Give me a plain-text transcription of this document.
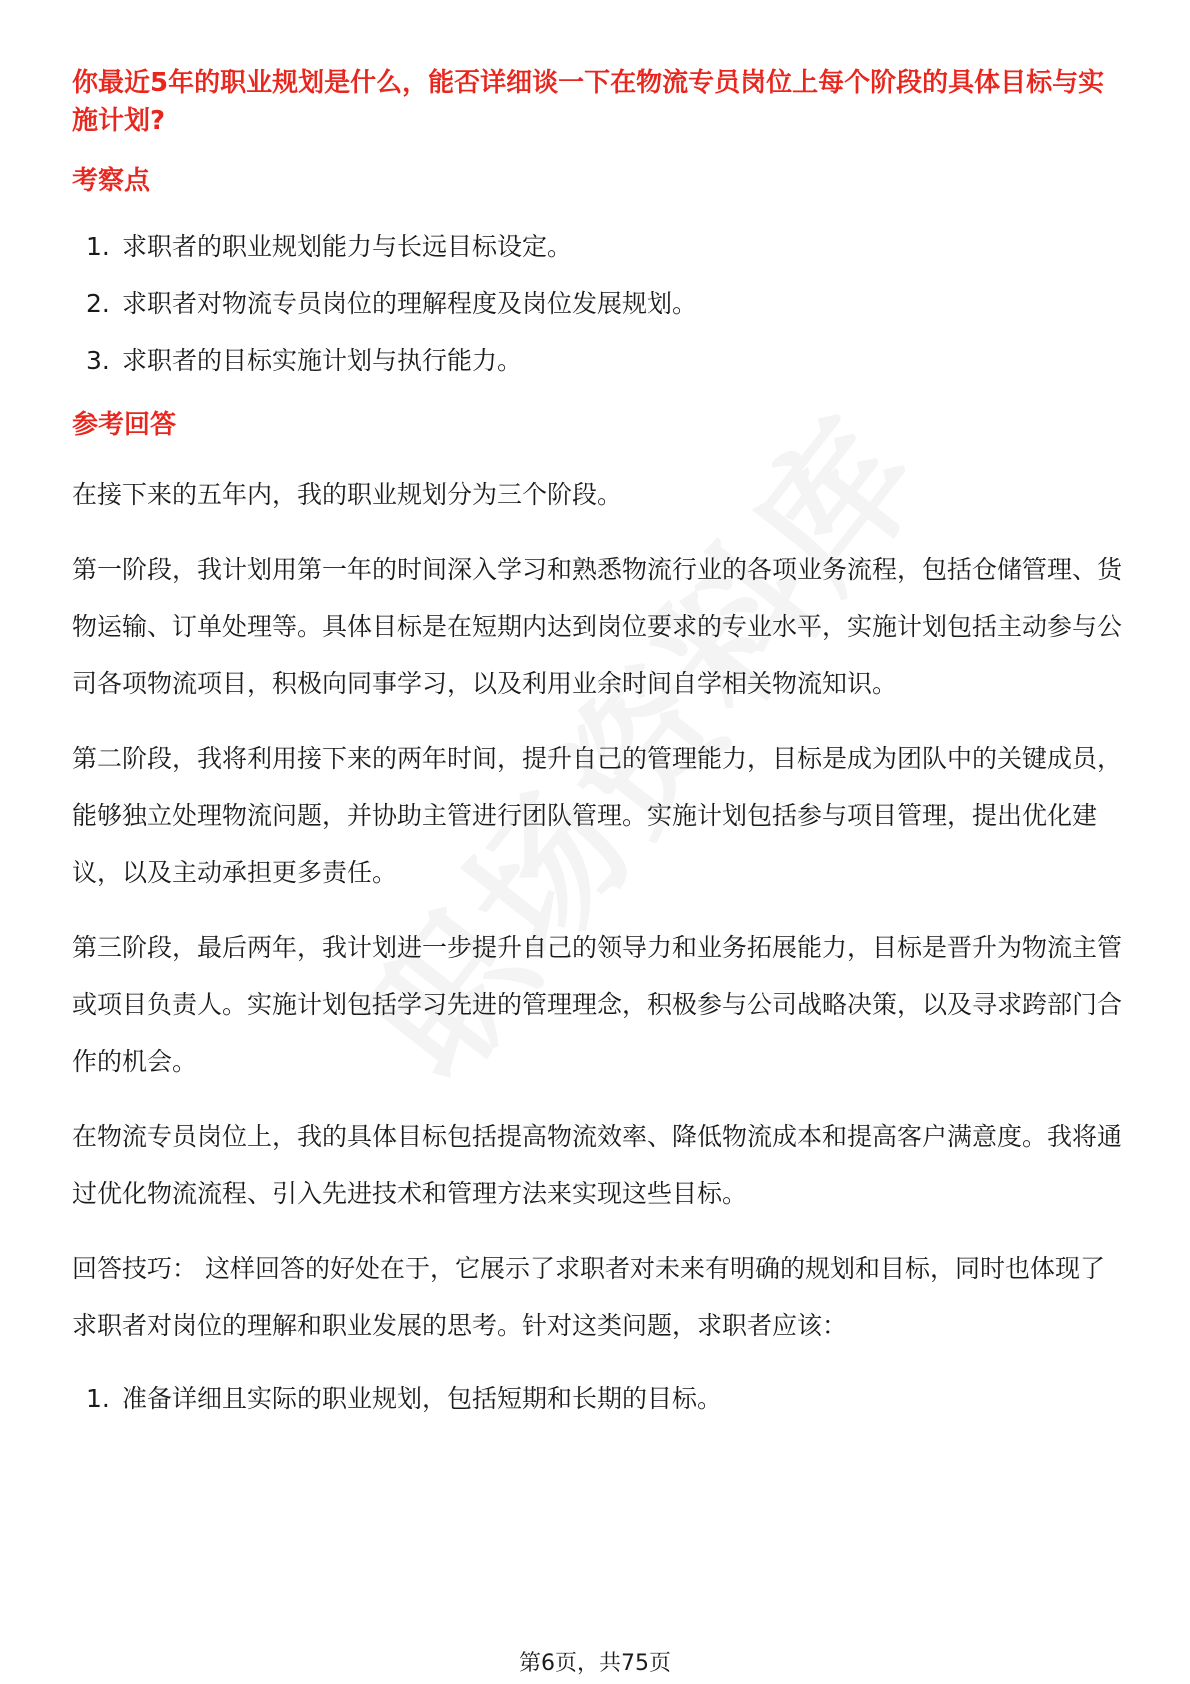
你最近5年的职业规划是什么，能否详细谈一下在物流专员岗位上每个阶段的具体目标与实施计划?

考察点
1. 求职者的职业规划能力与长远目标设定。
2. 求职者对物流专员岗位的理解程度及岗位发展规划。
3. 求职者的目标实施计划与执行能力。
参考回答

在接下来的五年内，我的职业规划分为三个阶段。

第一阶段，我计划用第一年的时间深入学习和熟悉物流行业的各项业务流程，包括仓储管理、货物运输、订单处理等。具体目标是在短期内达到岗位要求的专业水平，实施计划包括主动参与公司各项物流项目，积极向同事学习，以及利用业余时间自学相关物流知识。

第二阶段，我将利用接下来的两年时间，提升自己的管理能力，目标是成为团队中的关键成员，能够独立处理物流问题，并协助主管进行团队管理。实施计划包括参与项目管理，提出优化建议，以及主动承担更多责任。

第三阶段，最后两年，我计划进一步提升自己的领导力和业务拓展能力，目标是晋升为物流主管或项目负责人。实施计划包括学习先进的管理理念，积极参与公司战略决策，以及寻求跨部门合作的机会。

在物流专员岗位上，我的具体目标包括提高物流效率、降低物流成本和提高客户满意度。我将通过优化物流流程、引入先进技术和管理方法来实现这些目标。

回答技巧： 这样回答的好处在于，它展示了求职者对未来有明确的规划和目标，同时也体现了求职者对岗位的理解和职业发展的思考。针对这类问题，求职者应该：

1. 准备详细且实际的职业规划，包括短期和长期的目标。
第6页，共75页
